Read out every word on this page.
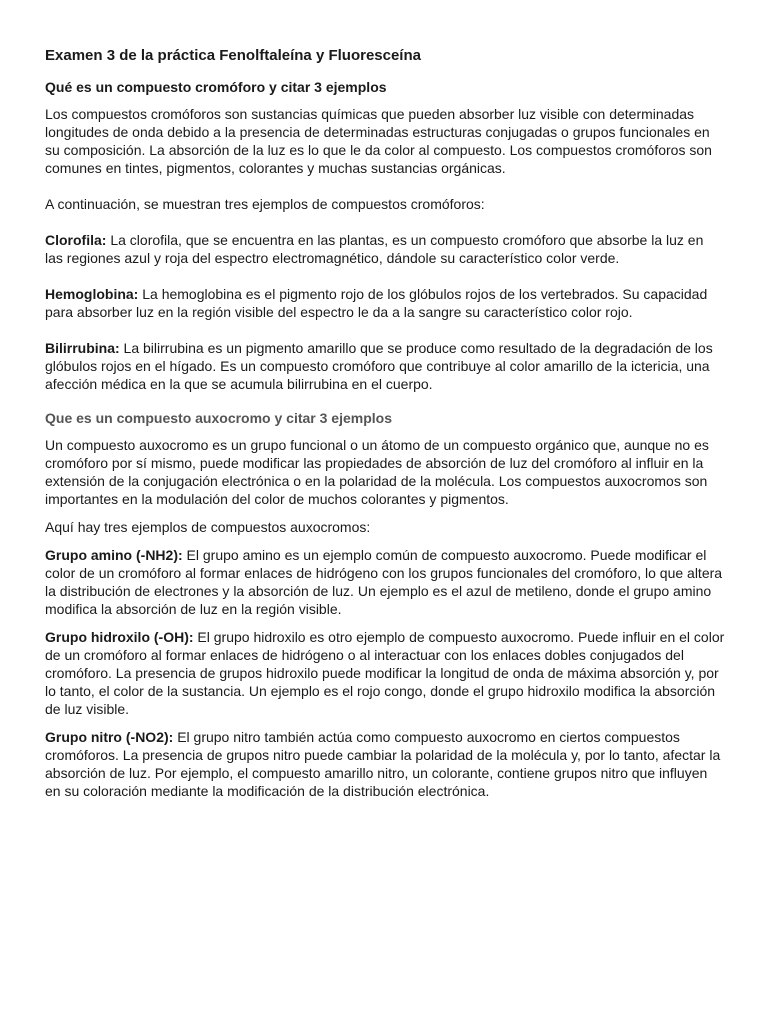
Examen 3 de la práctica Fenolftaleína y Fluoresceína
Qué es un compuesto cromóforo y citar 3 ejemplos

Los compuestos cromóforos son sustancias químicas que pueden absorber luz visible con determinadas longitudes de onda debido a la presencia de determinadas estructuras conjugadas o grupos funcionales en su composición. La absorción de la luz es lo que le da color al compuesto. Los compuestos cromóforos son comunes en tintes, pigmentos, colorantes y muchas sustancias orgánicas.

A continuación, se muestran tres ejemplos de compuestos cromóforos:

Clorofila: La clorofila, que se encuentra en las plantas, es un compuesto cromóforo que absorbe la luz en las regiones azul y roja del espectro electromagnético, dándole su característico color verde.

Hemoglobina: La hemoglobina es el pigmento rojo de los glóbulos rojos de los vertebrados. Su capacidad para absorber luz en la región visible del espectro le da a la sangre su característico color rojo.

Bilirrubina: La bilirrubina es un pigmento amarillo que se produce como resultado de la degradación de los glóbulos rojos en el hígado. Es un compuesto cromóforo que contribuye al color amarillo de la ictericia, una afección médica en la que se acumula bilirrubina en el cuerpo.

Que es un compuesto auxocromo y citar 3 ejemplos

Un compuesto auxocromo es un grupo funcional o un átomo de un compuesto orgánico que, aunque no es cromóforo por sí mismo, puede modificar las propiedades de absorción de luz del cromóforo al influir en la extensión de la conjugación electrónica o en la polaridad de la molécula. Los compuestos auxocromos son importantes en la modulación del color de muchos colorantes y pigmentos.

Aquí hay tres ejemplos de compuestos auxocromos:

Grupo amino (-NH2): El grupo amino es un ejemplo común de compuesto auxocromo. Puede modificar el color de un cromóforo al formar enlaces de hidrógeno con los grupos funcionales del cromóforo, lo que altera la distribución de electrones y la absorción de luz. Un ejemplo es el azul de metileno, donde el grupo amino modifica la absorción de luz en la región visible.

Grupo hidroxilo (-OH): El grupo hidroxilo es otro ejemplo de compuesto auxocromo. Puede influir en el color de un cromóforo al formar enlaces de hidrógeno o al interactuar con los enlaces dobles conjugados del cromóforo. La presencia de grupos hidroxilo puede modificar la longitud de onda de máxima absorción y, por lo tanto, el color de la sustancia. Un ejemplo es el rojo congo, donde el grupo hidroxilo modifica la absorción de luz visible.

Grupo nitro (-NO2): El grupo nitro también actúa como compuesto auxocromo en ciertos compuestos cromóforos. La presencia de grupos nitro puede cambiar la polaridad de la molécula y, por lo tanto, afectar la absorción de luz. Por ejemplo, el compuesto amarillo nitro, un colorante, contiene grupos nitro que influyen en su coloración mediante la modificación de la distribución electrónica.
